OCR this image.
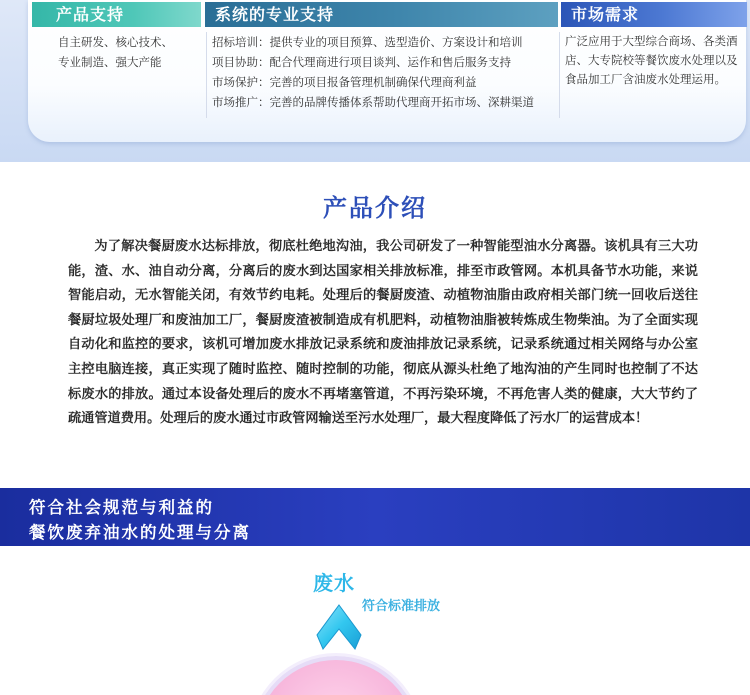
产品支持	系统的专业支持	市场需求
自主研发、核心技术、
专业制造、强大产能
招标培训：提供专业的项目预算、选型造价、方案设计和培训
项目协助：配合代理商进行项目谈判、运作和售后服务支持
市场保护：完善的项目报备管理机制确保代理商利益
市场推广：完善的品牌传播体系帮助代理商开拓市场、深耕渠道
广泛应用于大型综合商场、各类酒店、大专院校等餐饮废水处理以及食品加工厂含油废水处理运用。
产品介绍
为了解决餐厨废水达标排放，彻底杜绝地沟油，我公司研发了一种智能型油水分离器。该机具有三大功能，渣、水、油自动分离，分离后的废水到达国家相关排放标准，排至市政管网。本机具备节水功能，来说智能启动，无水智能关闭，有效节约电耗。处理后的餐厨废渣、动植物油脂由政府相关部门统一回收后送往餐厨垃圾处理厂和废油加工厂，餐厨废渣被制造成有机肥料，动植物油脂被转炼成生物柴油。为了全面实现自动化和监控的要求，该机可增加废水排放记录系统和废油排放记录系统，记录系统通过相关网络与办公室主控电脑连接，真正实现了随时监控、随时控制的功能，彻底从源头杜绝了地沟油的产生同时也控制了不达标废水的排放。通过本设备处理后的废水不再堵塞管道，不再污染环境，不再危害人类的健康，大大节约了疏通管道费用。处理后的废水通过市政管网输送至污水处理厂，最大程度降低了污水厂的运营成本！
符合社会规范与利益的
餐饮废弃油水的处理与分离
废水
符合标准排放
